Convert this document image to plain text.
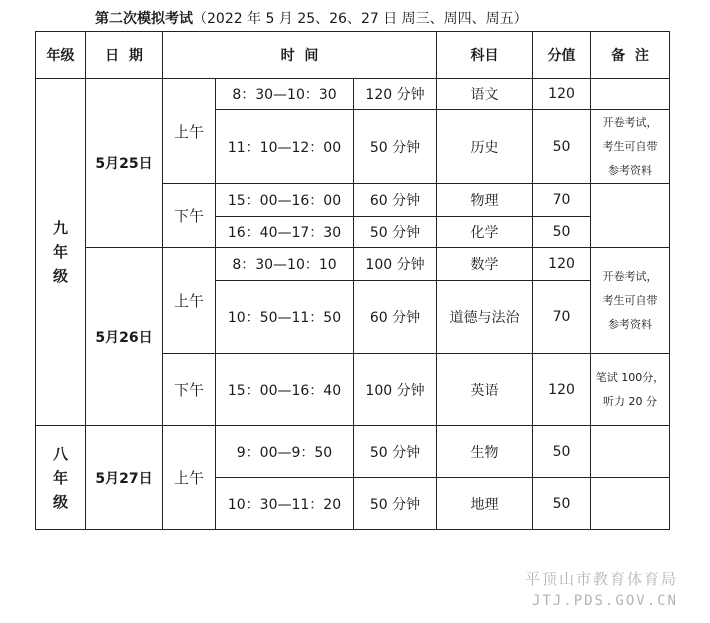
第二次模拟考试（2022 年 5 月 25、26、27 日 周三、周四、周五）
年级	日  期	时  间			科目	分值	备  注
九
年
级	5月25日	上午	8：30—10：30	120 分钟	语文	120	
			11：10—12：00	50 分钟	历史	50	开卷考试，
考生可自带
参考资料

		下午	15：00—16：00	60 分钟	物理	70	
			16：40—17：30	50 分钟	化学	50	
	5月26日	上午	8：30—10：10	100 分钟	数学	120	开卷考试，
考生可自带
参考资料

			10：50—11：50	60 分钟	道德与法治	70	
		下午	15：00—16：40	100 分钟	英语	120	笔试 100分，
听力 20 分

八
年
级	5月27日	上午	9：00—9：50	50 分钟	生物	50	
			10：30—11：20	50 分钟	地理	50	
平顶山市教育体育局
JTJ.PDS.GOV.CN
